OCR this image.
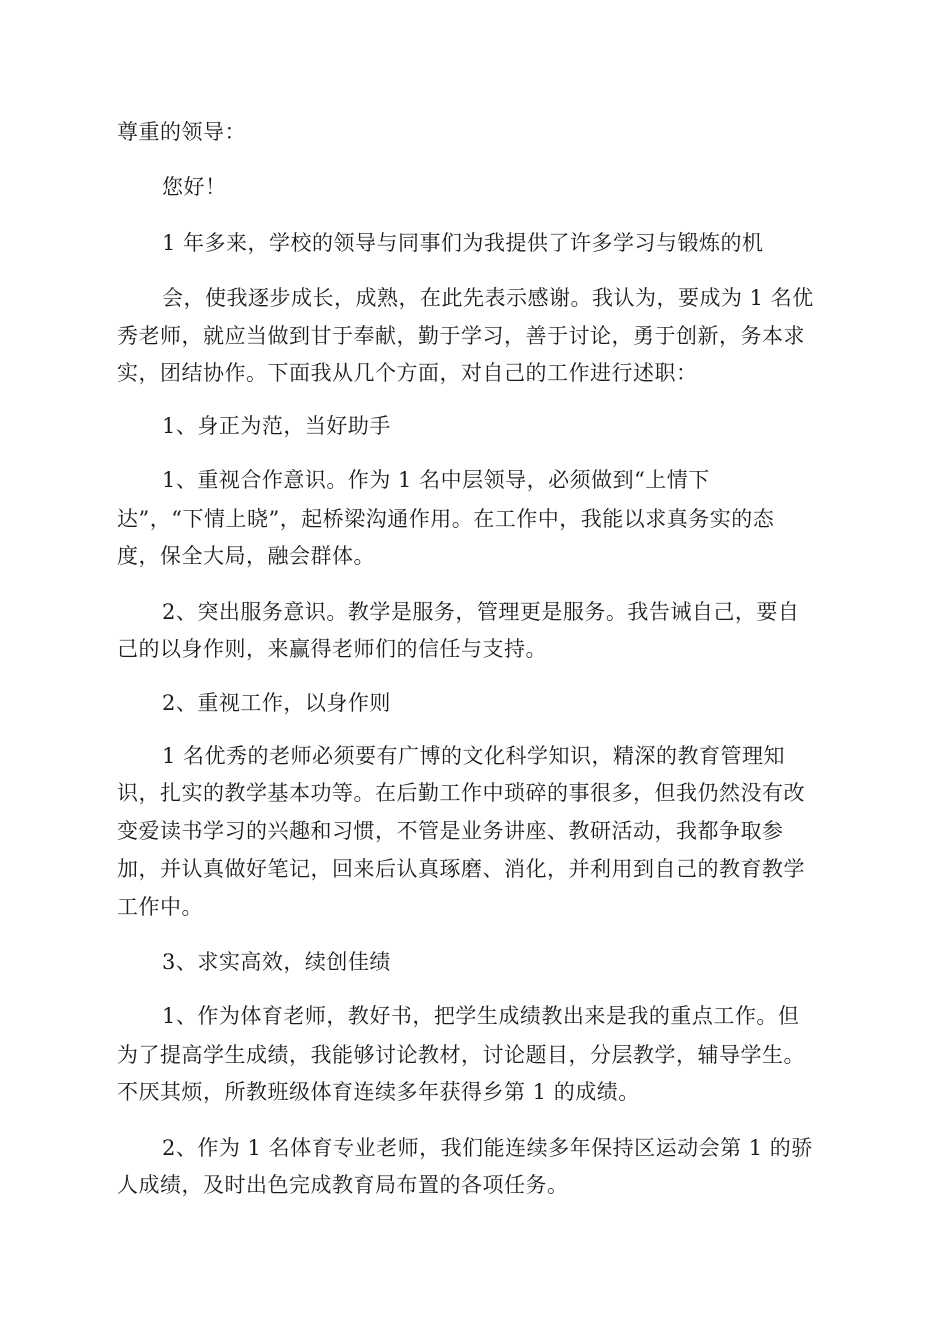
尊重的领导：
您好！
1 年多来，学校的领导与同事们为我提供了许多学习与锻炼的机
会，使我逐步成长，成熟，在此先表示感谢。我认为，要成为 1 名优
秀老师，就应当做到甘于奉献，勤于学习，善于讨论，勇于创新，务本求
实，团结协作。下面我从几个方面，对自己的工作进行述职：
1、身正为范，当好助手
1、重视合作意识。作为 1 名中层领导，必须做到“上情下
达”，“下情上晓”，起桥梁沟通作用。在工作中，我能以求真务实的态
度，保全大局，融会群体。
2、突出服务意识。教学是服务，管理更是服务。我告诫自己，要自
己的以身作则，来赢得老师们的信任与支持。
2、重视工作，以身作则
1 名优秀的老师必须要有广博的文化科学知识，精深的教育管理知
识，扎实的教学基本功等。在后勤工作中琐碎的事很多，但我仍然没有改
变爱读书学习的兴趣和习惯，不管是业务讲座、教研活动，我都争取参
加，并认真做好笔记，回来后认真琢磨、消化，并利用到自己的教育教学
工作中。
3、求实高效，续创佳绩
1、作为体育老师，教好书，把学生成绩教出来是我的重点工作。但
为了提高学生成绩，我能够讨论教材，讨论题目，分层教学，辅导学生。
不厌其烦，所教班级体育连续多年获得乡第 1 的成绩。
2、作为 1 名体育专业老师，我们能连续多年保持区运动会第 1 的骄
人成绩，及时出色完成教育局布置的各项任务。
